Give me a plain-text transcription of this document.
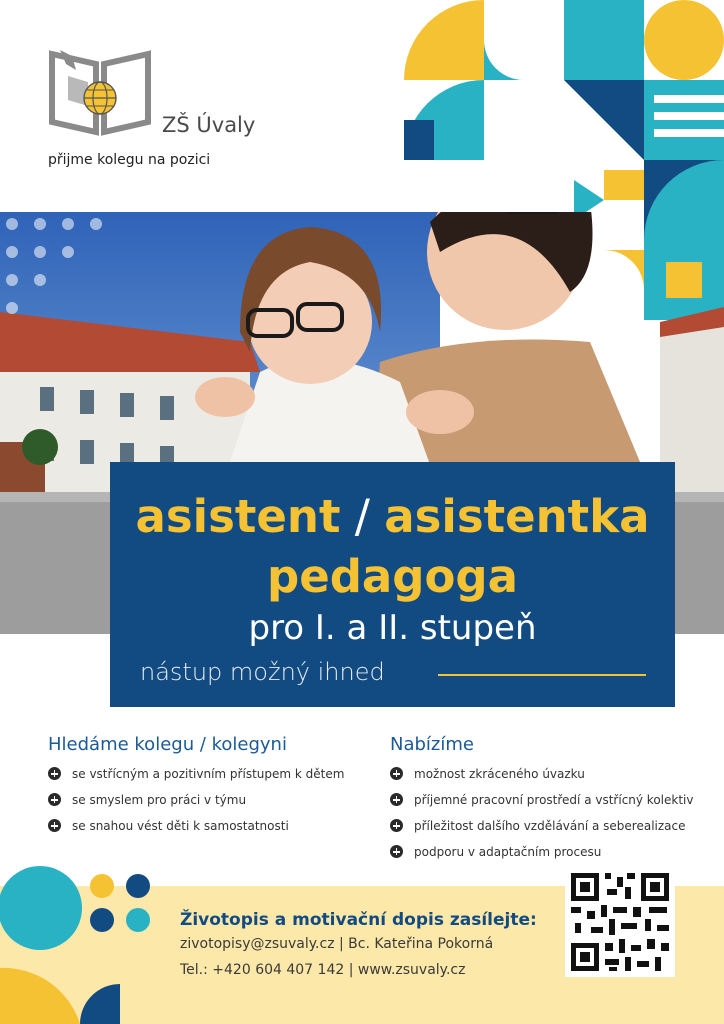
ZŠ Úvaly
přijme kolegu na pozici
asistent / asistentka
pedagoga
pro I. a II. stupeň
nástup možný ihned
Hledáme kolegu / kolegyni
se vstřícným a pozitivním přístupem k dětem
se smyslem pro práci v týmu
se snahou vést děti k samostatnosti
Nabízíme
možnost zkráceného úvazku
příjemné pracovní prostředí a vstřícný kolektiv
příležitost dalšího vzdělávání a seberealizace
podporu v adaptačním procesu
Životopis a motivační dopis zasílejte:
zivotopisy@zsuvaly.cz | Bc. Kateřina Pokorná
Tel.: +420 604 407 142 | www.zsuvaly.cz
